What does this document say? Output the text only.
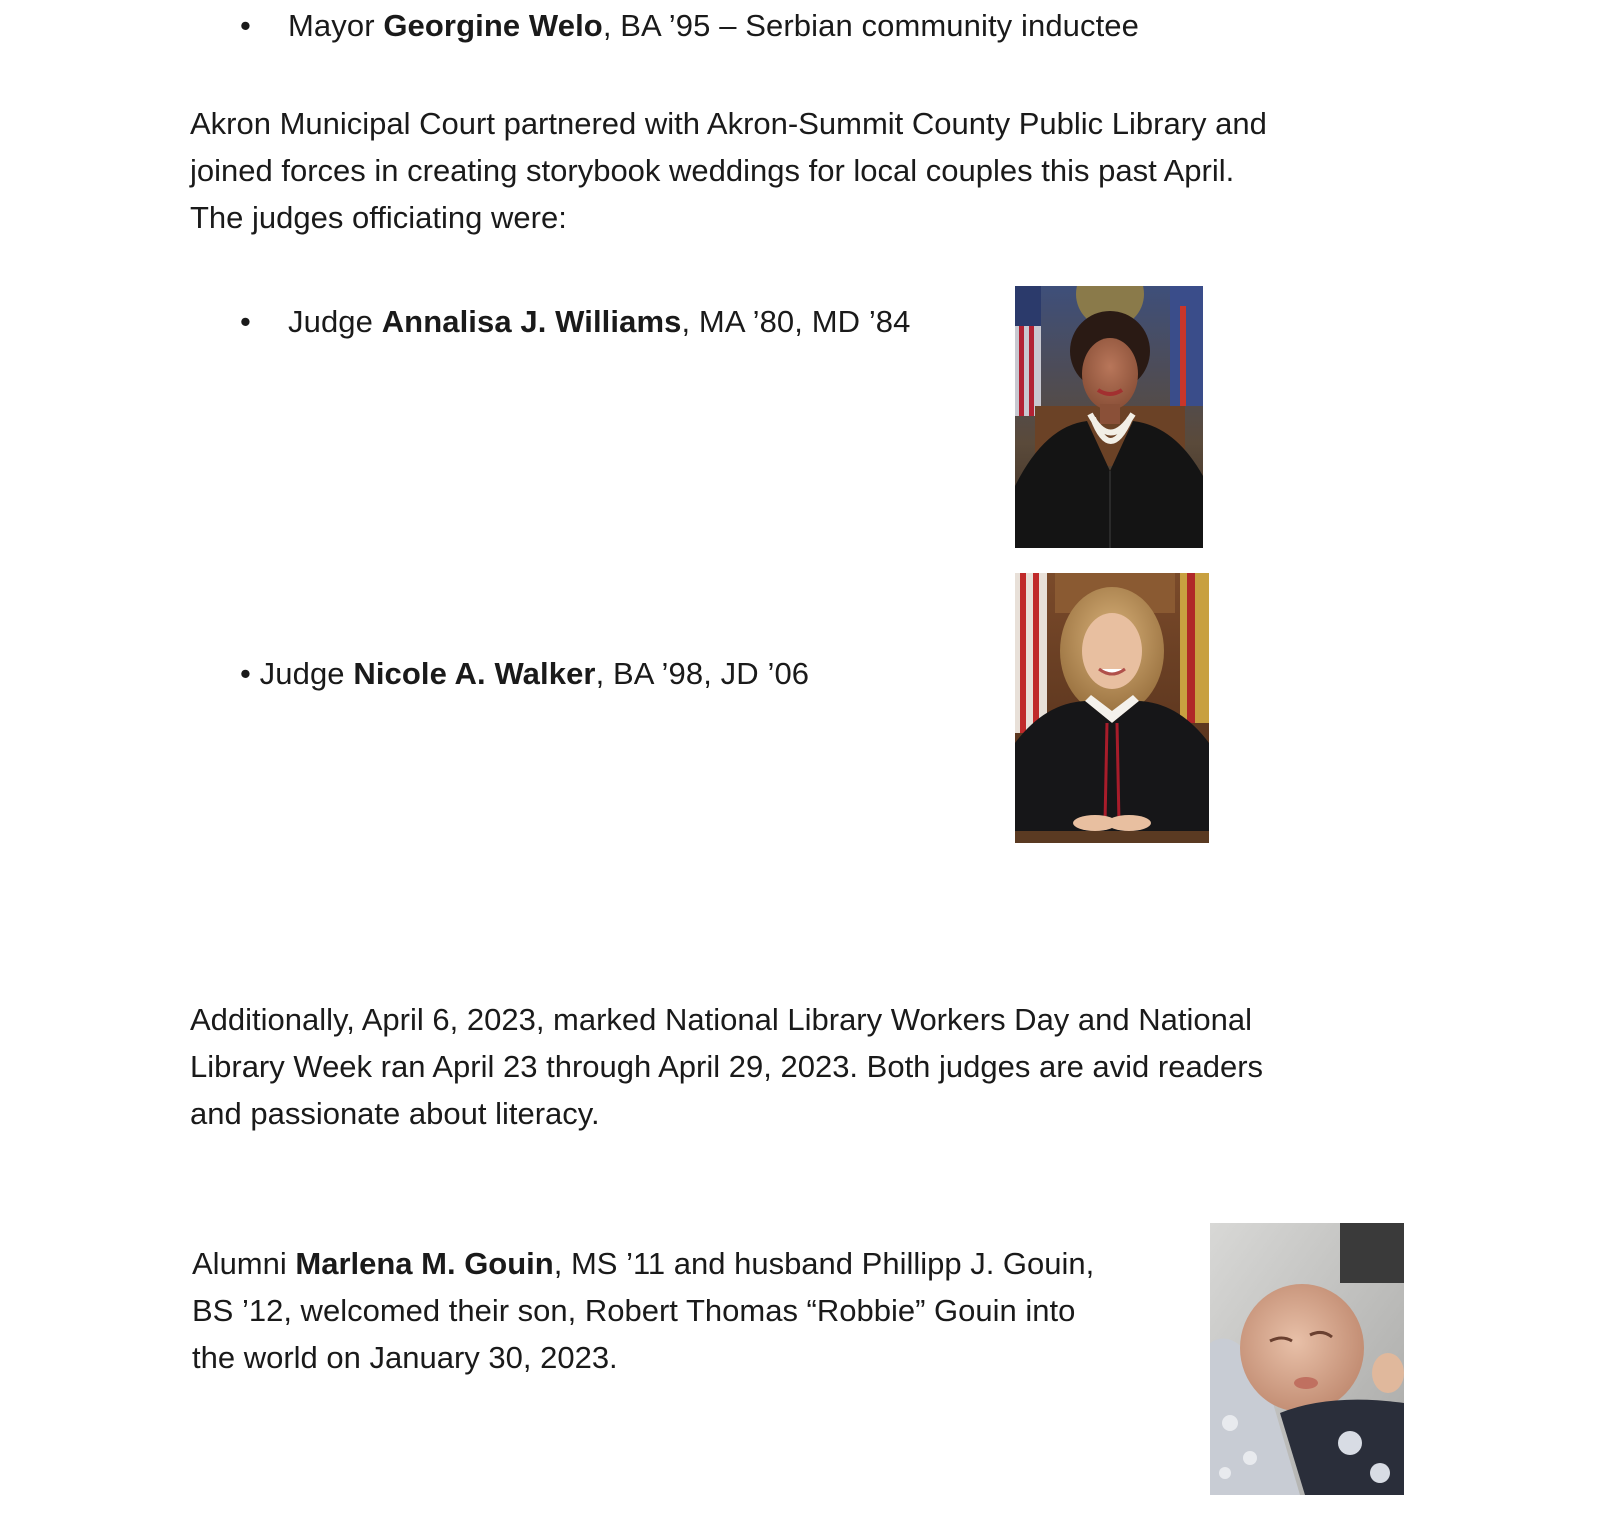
• Mayor Georgine Welo, BA ’95 – Serbian community inductee
Akron Municipal Court partnered with Akron-Summit County Public Library and
joined forces in creating storybook weddings for local couples this past April.
The judges officiating were:
• Judge Annalisa J. Williams, MA ’80, MD ’84
• Judge Nicole A. Walker, BA ’98, JD ’06
Additionally, April 6, 2023, marked National Library Workers Day and National
Library Week ran April 23 through April 29, 2023. Both judges are avid readers
and passionate about literacy.
Alumni Marlena M. Gouin, MS ’11 and husband Phillipp J. Gouin,
BS ’12, welcomed their son, Robert Thomas “Robbie” Gouin into
the world on January 30, 2023.
